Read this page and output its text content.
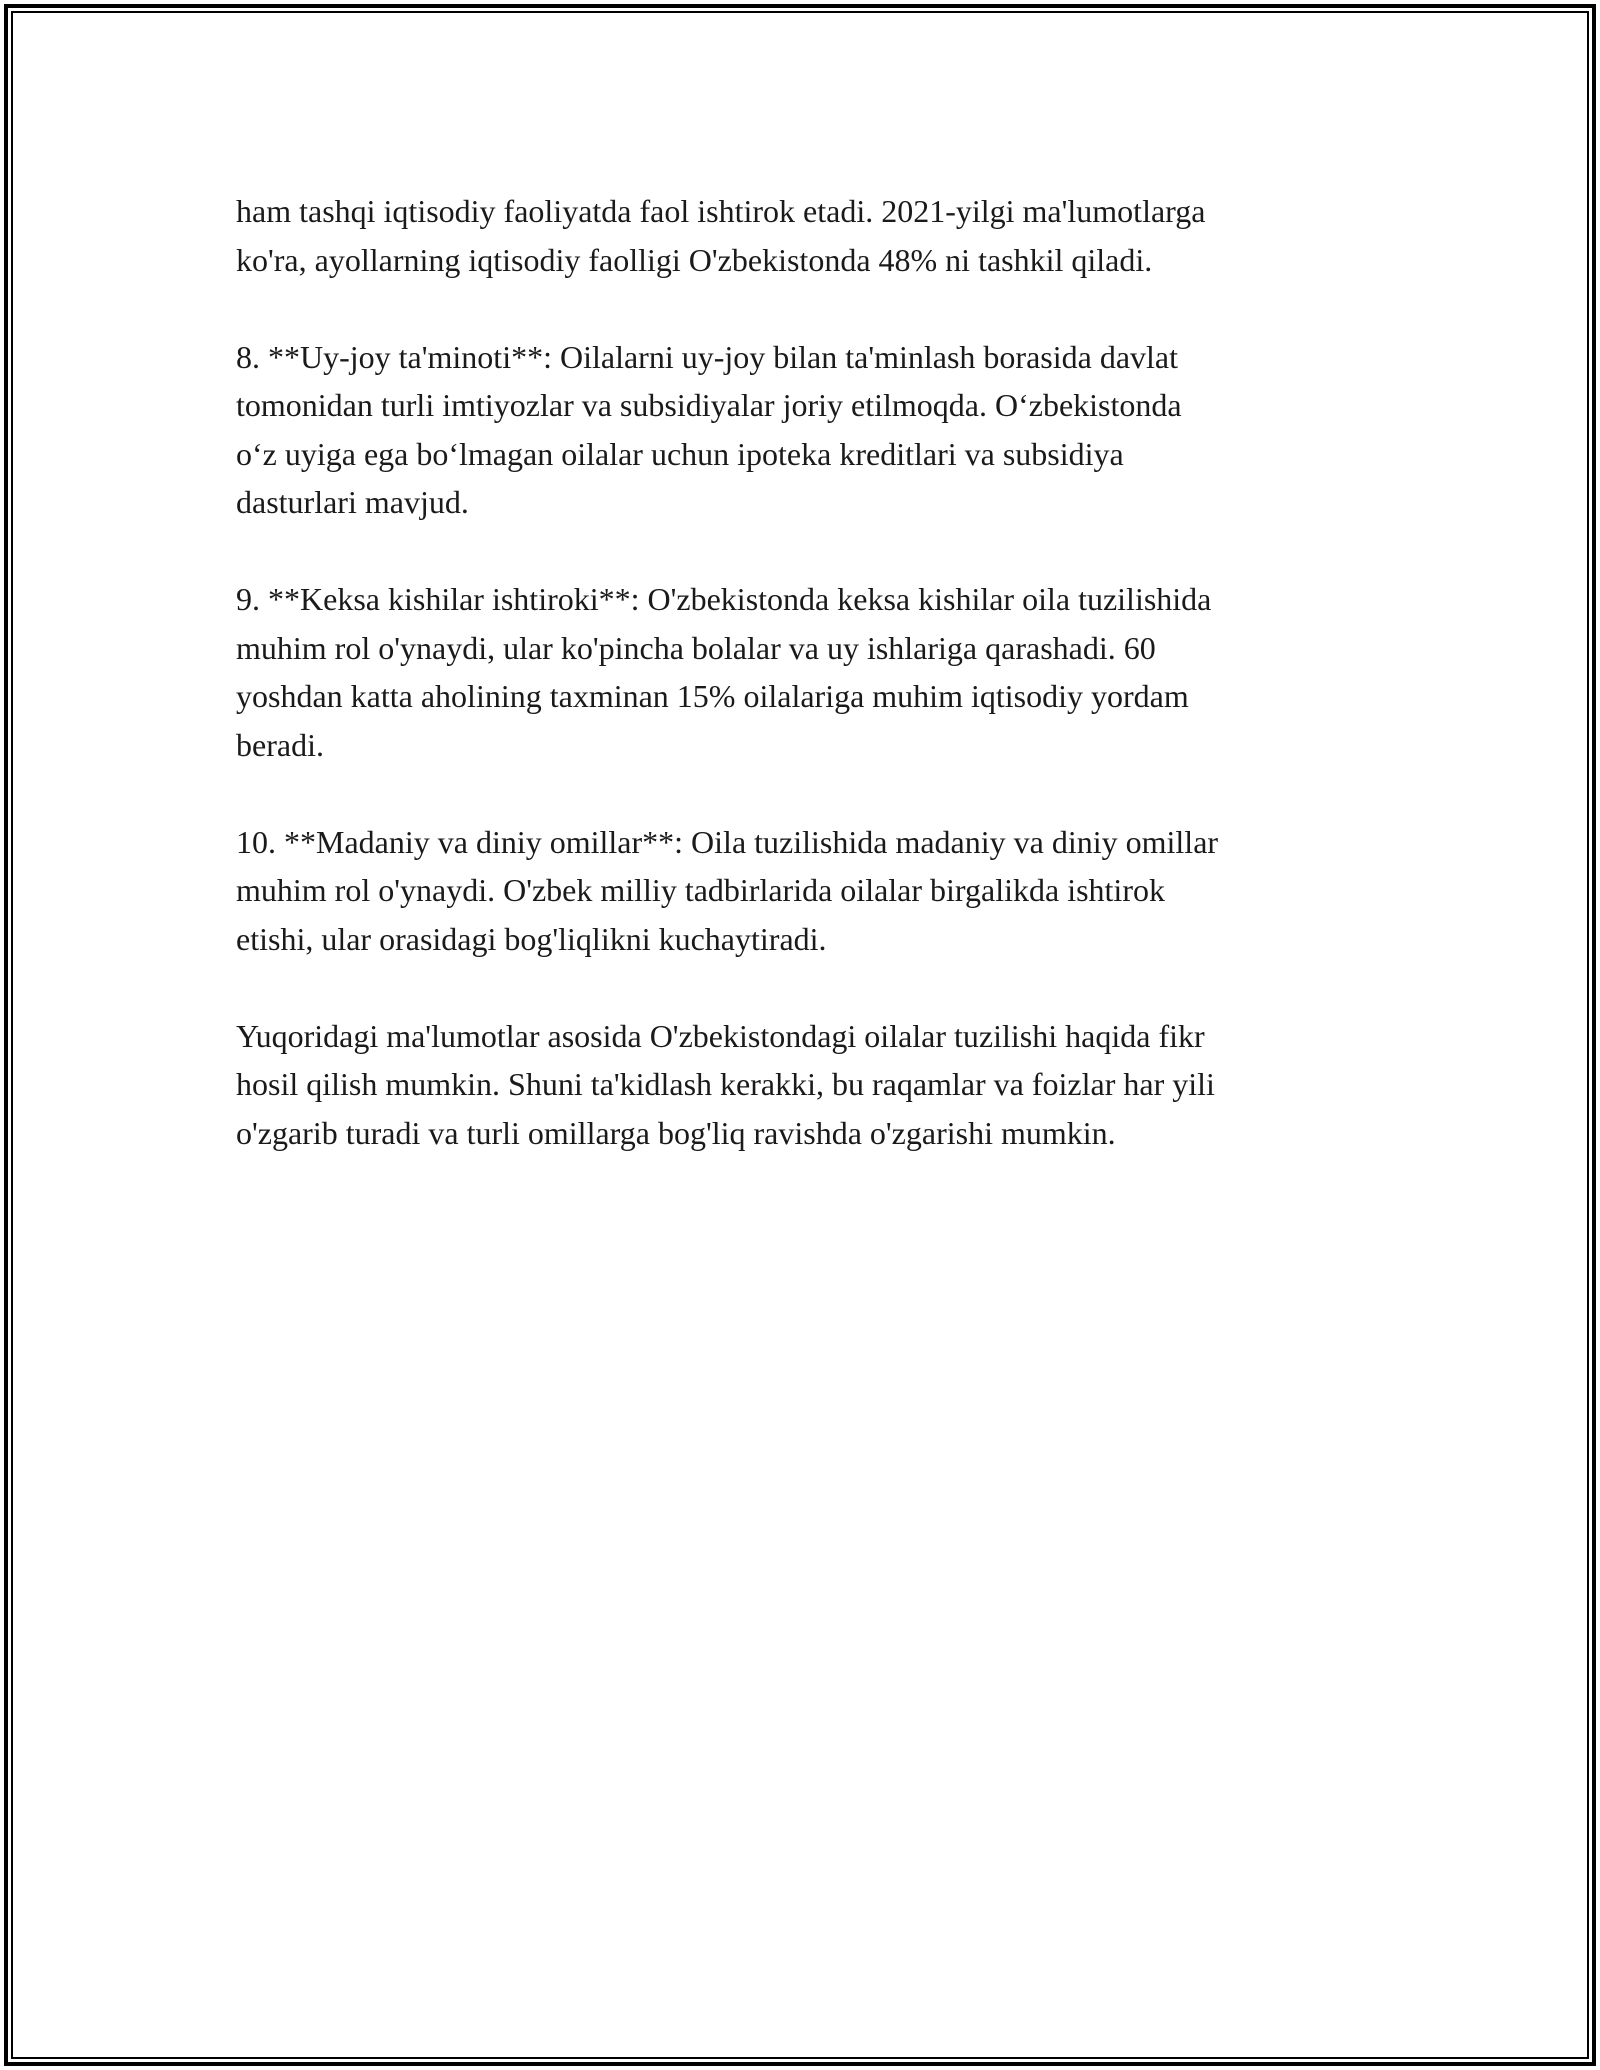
ham tashqi iqtisodiy faoliyatda faol ishtirok etadi. 2021-yilgi ma'lumotlarga
ko'ra, ayollarning iqtisodiy faolligi O'zbekistonda 48% ni tashkil qiladi.

8. **Uy-joy ta'minoti**: Oilalarni uy-joy bilan ta'minlash borasida davlat
tomonidan turli imtiyozlar va subsidiyalar joriy etilmoqda. O‘zbekistonda
o‘z uyiga ega bo‘lmagan oilalar uchun ipoteka kreditlari va subsidiya
dasturlari mavjud.

9. **Keksa kishilar ishtiroki**: O'zbekistonda keksa kishilar oila tuzilishida
muhim rol o'ynaydi, ular ko'pincha bolalar va uy ishlariga qarashadi. 60
yoshdan katta aholining taxminan 15% oilalariga muhim iqtisodiy yordam
beradi.

10. **Madaniy va diniy omillar**: Oila tuzilishida madaniy va diniy omillar
muhim rol o'ynaydi. O'zbek milliy tadbirlarida oilalar birgalikda ishtirok
etishi, ular orasidagi bog'liqlikni kuchaytiradi.

Yuqoridagi ma'lumotlar asosida O'zbekistondagi oilalar tuzilishi haqida fikr
hosil qilish mumkin. Shuni ta'kidlash kerakki, bu raqamlar va foizlar har yili
o'zgarib turadi va turli omillarga bog'liq ravishda o'zgarishi mumkin.
